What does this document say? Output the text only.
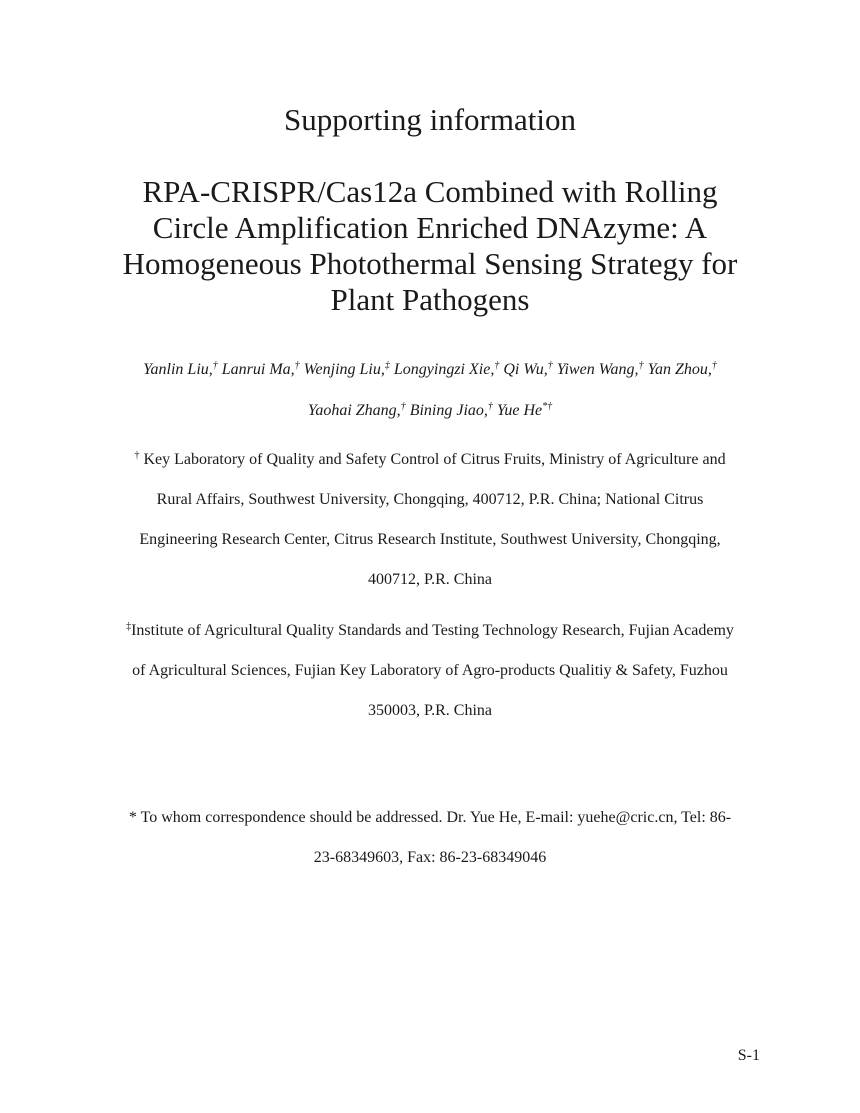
Supporting information
RPA-CRISPR/Cas12a Combined with Rolling
Circle Amplification Enriched DNAzyme: A
Homogeneous Photothermal Sensing Strategy for
Plant Pathogens
Yanlin Liu,† Lanrui Ma,† Wenjing Liu,‡ Longyingzi Xie,† Qi Wu,† Yiwen Wang,† Yan Zhou,†
Yaohai Zhang,† Bining Jiao,† Yue He*†
† Key Laboratory of Quality and Safety Control of Citrus Fruits, Ministry of Agriculture and
Rural Affairs, Southwest University, Chongqing, 400712, P.R. China; National Citrus
Engineering Research Center, Citrus Research Institute, Southwest University, Chongqing,
400712, P.R. China
‡Institute of Agricultural Quality Standards and Testing Technology Research, Fujian Academy
of Agricultural Sciences, Fujian Key Laboratory of Agro-products Qualitiy & Safety, Fuzhou
350003, P.R. China
* To whom correspondence should be addressed. Dr. Yue He, E-mail: yuehe@cric.cn, Tel: 86-
23-68349603, Fax: 86-23-68349046
S-1
